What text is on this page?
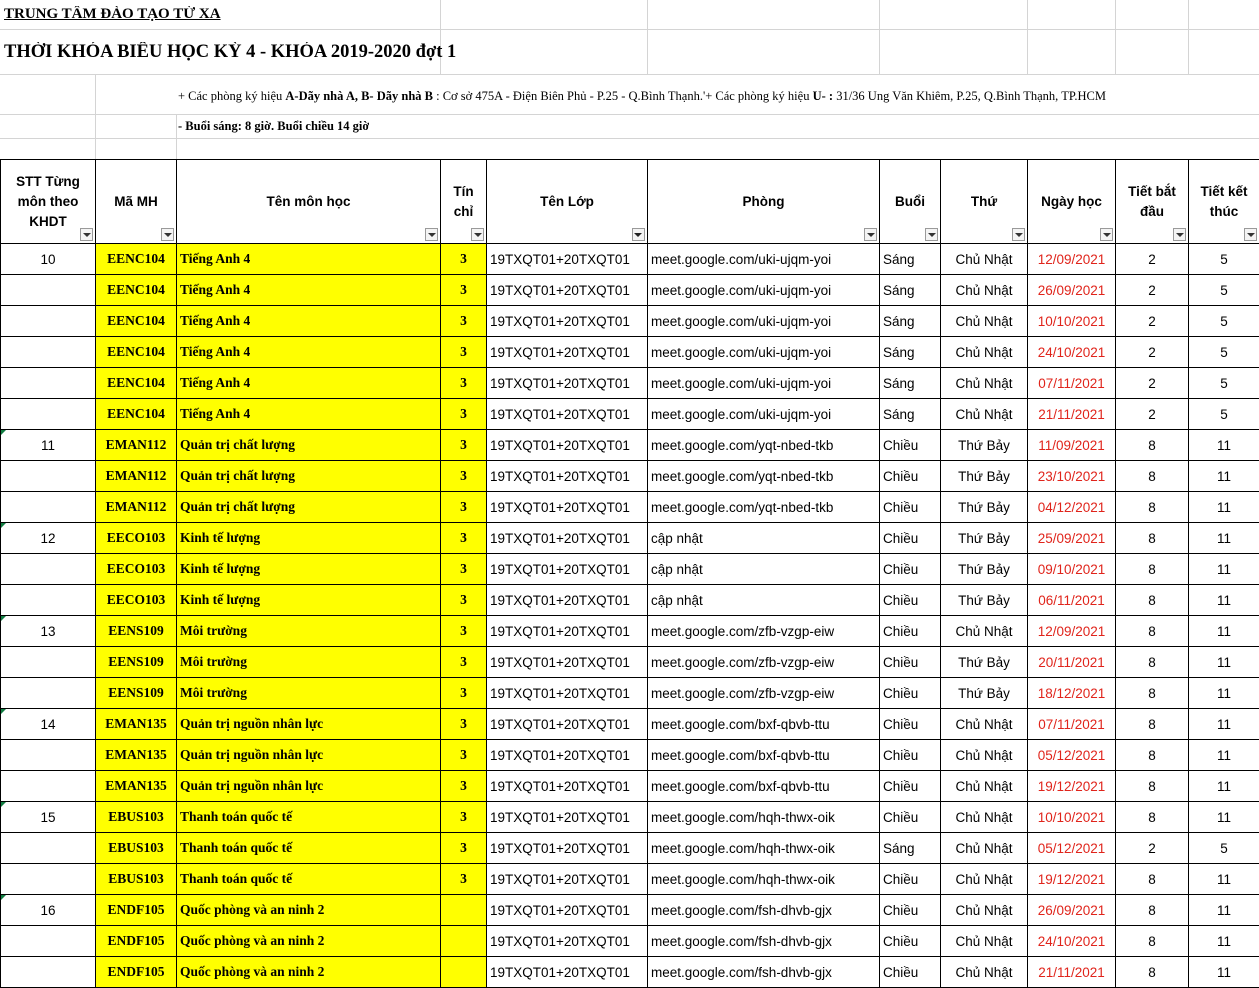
TRUNG TÂM ĐÀO TẠO TỪ XA
THỜI KHÓA BIỂU HỌC KỲ 4 - KHÓA 2019-2020 đợt 1
+ Các phòng ký hiệu A-Dãy nhà A, B- Dãy nhà B : Cơ sở 475A - Điện Biên Phủ - P.25 - Q.Bình Thạnh.'+ Các phòng ký hiệu U- : 31/36 Ung Văn Khiêm, P.25, Q.Bình Thạnh, TP.HCM
- Buổi sáng: 8 giờ. Buổi chiều 14 giờ
STT Từng môn theo KHDT	Mã MH	Tên môn học	Tín chỉ	Tên Lớp	Phòng	Buổi	Thứ	Ngày học	Tiết bắt đầu	Tiết kết thúc

10	EENC104	Tiếng Anh 4	3	19TXQT01+20TXQT01	meet.google.com/uki-ujqm-yoi	Sáng	Chủ Nhật	12/09/2021	2	5
	EENC104	Tiếng Anh 4	3	19TXQT01+20TXQT01	meet.google.com/uki-ujqm-yoi	Sáng	Chủ Nhật	26/09/2021	2	5
	EENC104	Tiếng Anh 4	3	19TXQT01+20TXQT01	meet.google.com/uki-ujqm-yoi	Sáng	Chủ Nhật	10/10/2021	2	5
	EENC104	Tiếng Anh 4	3	19TXQT01+20TXQT01	meet.google.com/uki-ujqm-yoi	Sáng	Chủ Nhật	24/10/2021	2	5
	EENC104	Tiếng Anh 4	3	19TXQT01+20TXQT01	meet.google.com/uki-ujqm-yoi	Sáng	Chủ Nhật	07/11/2021	2	5
	EENC104	Tiếng Anh 4	3	19TXQT01+20TXQT01	meet.google.com/uki-ujqm-yoi	Sáng	Chủ Nhật	21/11/2021	2	5
11	EMAN112	Quản trị chất lượng	3	19TXQT01+20TXQT01	meet.google.com/yqt-nbed-tkb	Chiều	Thứ Bảy	11/09/2021	8	11
	EMAN112	Quản trị chất lượng	3	19TXQT01+20TXQT01	meet.google.com/yqt-nbed-tkb	Chiều	Thứ Bảy	23/10/2021	8	11
	EMAN112	Quản trị chất lượng	3	19TXQT01+20TXQT01	meet.google.com/yqt-nbed-tkb	Chiều	Thứ Bảy	04/12/2021	8	11
12	EECO103	Kinh tế lượng	3	19TXQT01+20TXQT01	cập nhật	Chiều	Thứ Bảy	25/09/2021	8	11
	EECO103	Kinh tế lượng	3	19TXQT01+20TXQT01	cập nhật	Chiều	Thứ Bảy	09/10/2021	8	11
	EECO103	Kinh tế lượng	3	19TXQT01+20TXQT01	cập nhật	Chiều	Thứ Bảy	06/11/2021	8	11
13	EENS109	Môi trường	3	19TXQT01+20TXQT01	meet.google.com/zfb-vzgp-eiw	Chiều	Chủ Nhật	12/09/2021	8	11
	EENS109	Môi trường	3	19TXQT01+20TXQT01	meet.google.com/zfb-vzgp-eiw	Chiều	Thứ Bảy	20/11/2021	8	11
	EENS109	Môi trường	3	19TXQT01+20TXQT01	meet.google.com/zfb-vzgp-eiw	Chiều	Thứ Bảy	18/12/2021	8	11
14	EMAN135	Quản trị nguồn nhân lực	3	19TXQT01+20TXQT01	meet.google.com/bxf-qbvb-ttu	Chiều	Chủ Nhật	07/11/2021	8	11
	EMAN135	Quản trị nguồn nhân lực	3	19TXQT01+20TXQT01	meet.google.com/bxf-qbvb-ttu	Chiều	Chủ Nhật	05/12/2021	8	11
	EMAN135	Quản trị nguồn nhân lực	3	19TXQT01+20TXQT01	meet.google.com/bxf-qbvb-ttu	Chiều	Chủ Nhật	19/12/2021	8	11
15	EBUS103	Thanh toán quốc tế	3	19TXQT01+20TXQT01	meet.google.com/hqh-thwx-oik	Chiều	Chủ Nhật	10/10/2021	8	11
	EBUS103	Thanh toán quốc tế	3	19TXQT01+20TXQT01	meet.google.com/hqh-thwx-oik	Sáng	Chủ Nhật	05/12/2021	2	5
	EBUS103	Thanh toán quốc tế	3	19TXQT01+20TXQT01	meet.google.com/hqh-thwx-oik	Chiều	Chủ Nhật	19/12/2021	8	11
16	ENDF105	Quốc phòng và an ninh 2		19TXQT01+20TXQT01	meet.google.com/fsh-dhvb-gjx	Chiều	Chủ Nhật	26/09/2021	8	11
	ENDF105	Quốc phòng và an ninh 2		19TXQT01+20TXQT01	meet.google.com/fsh-dhvb-gjx	Chiều	Chủ Nhật	24/10/2021	8	11
	ENDF105	Quốc phòng và an ninh 2		19TXQT01+20TXQT01	meet.google.com/fsh-dhvb-gjx	Chiều	Chủ Nhật	21/11/2021	8	11
